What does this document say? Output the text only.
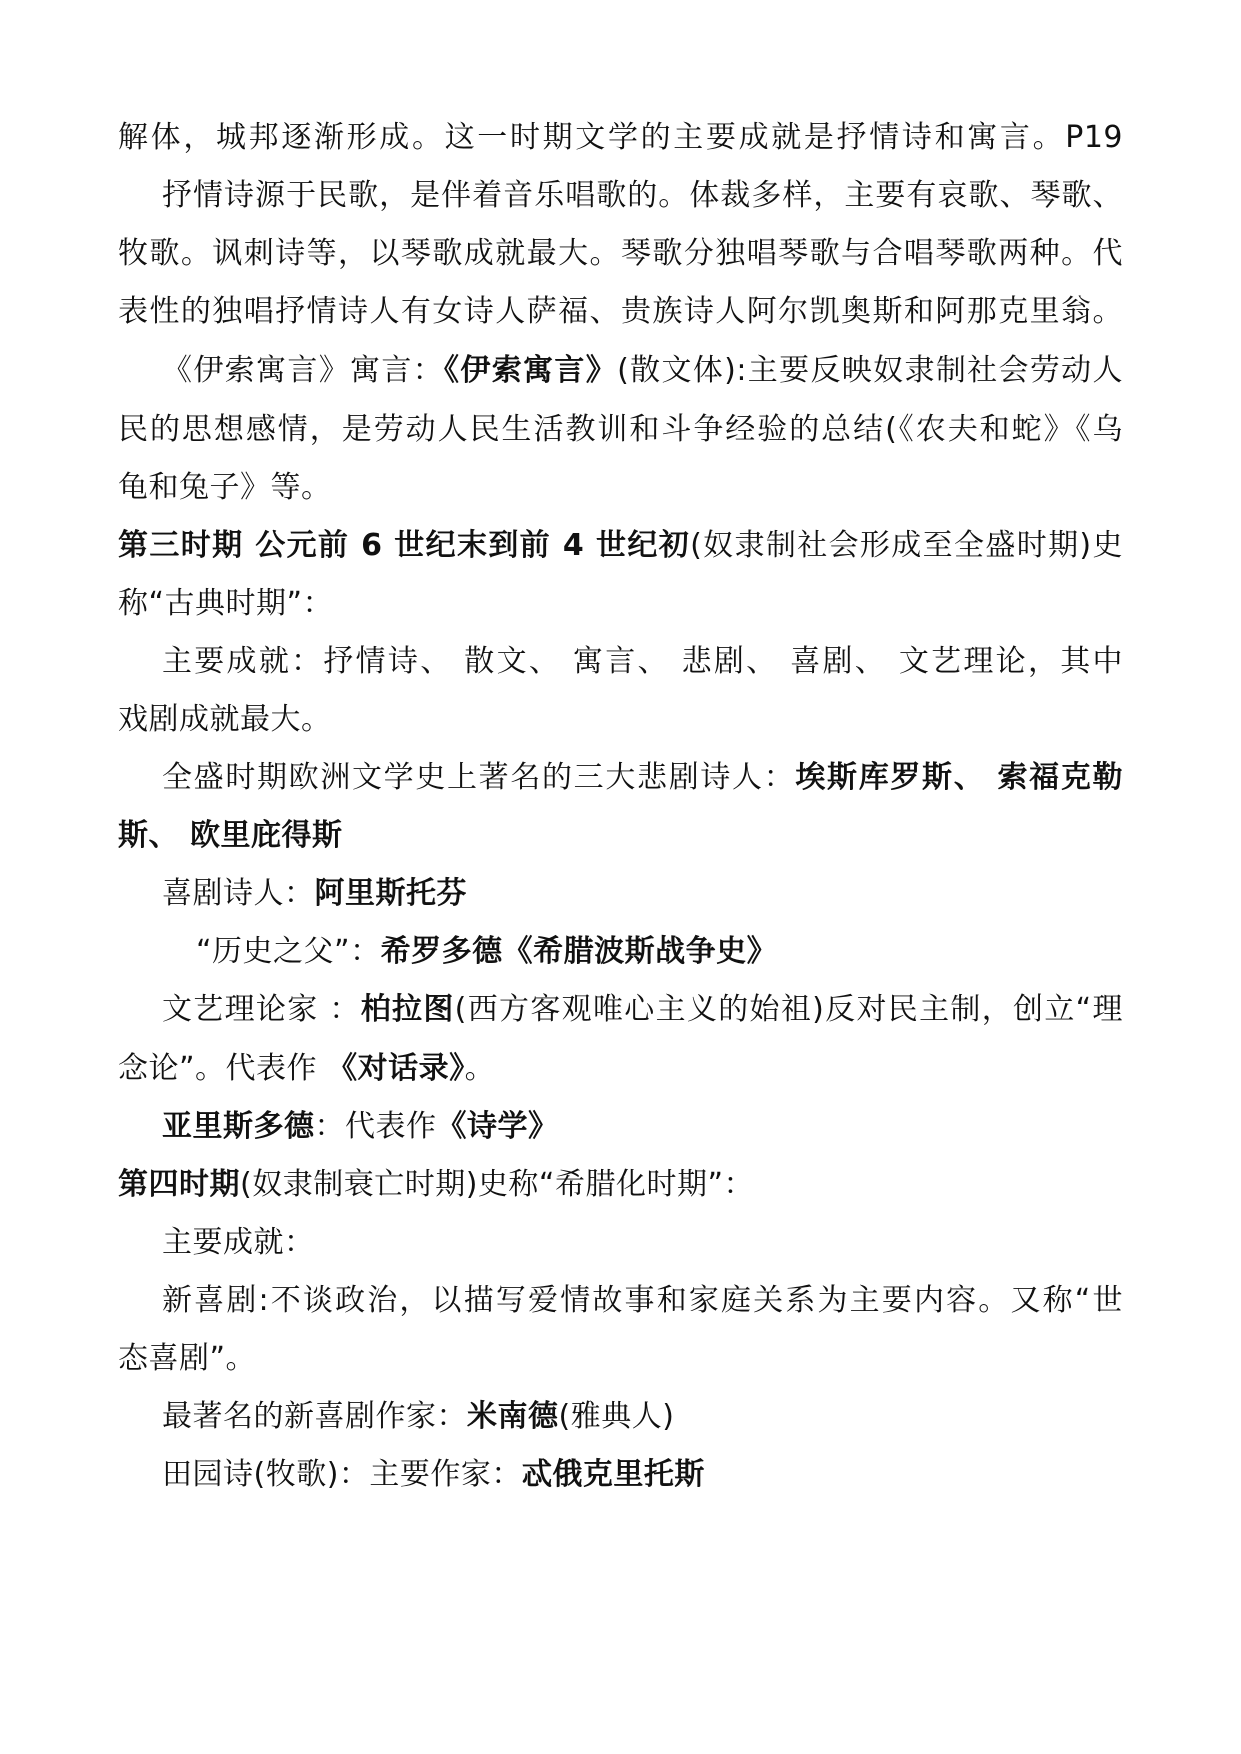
解体，城邦逐渐形成。这一时期文学的主要成就是抒情诗和寓言。P19
抒情诗源于民歌，是伴着音乐唱歌的。体裁多样，主要有哀歌、琴歌、
牧歌。讽刺诗等，以琴歌成就最大。琴歌分独唱琴歌与合唱琴歌两种。代
表性的独唱抒情诗人有女诗人萨福、贵族诗人阿尔凯奥斯和阿那克里翁。
《伊索寓言》寓言：《伊索寓言》(散文体):主要反映奴隶制社会劳动人
民的思想感情，是劳动人民生活教训和斗争经验的总结(《农夫和蛇》《乌
龟和兔子》等。
第三时期 公元前 6 世纪末到前 4 世纪初(奴隶制社会形成至全盛时期)史
称“古典时期”：
主要成就：抒情诗、 散文、 寓言、 悲剧、 喜剧、 文艺理论，其中
戏剧成就最大。
全盛时期欧洲文学史上著名的三大悲剧诗人：埃斯库罗斯、 索福克勒
斯、 欧里庇得斯
喜剧诗人：阿里斯托芬
“历史之父”：希罗多德《希腊波斯战争史》
文艺理论家 ：柏拉图(西方客观唯心主义的始祖)反对民主制，创立“理
念论”。代表作 《对话录》。
亚里斯多德：代表作《诗学》
第四时期(奴隶制衰亡时期)史称“希腊化时期”：
主要成就：
新喜剧:不谈政治，以描写爱情故事和家庭关系为主要内容。又称“世
态喜剧”。
最著名的新喜剧作家：米南德(雅典人)
田园诗(牧歌)：主要作家：忒俄克里托斯
